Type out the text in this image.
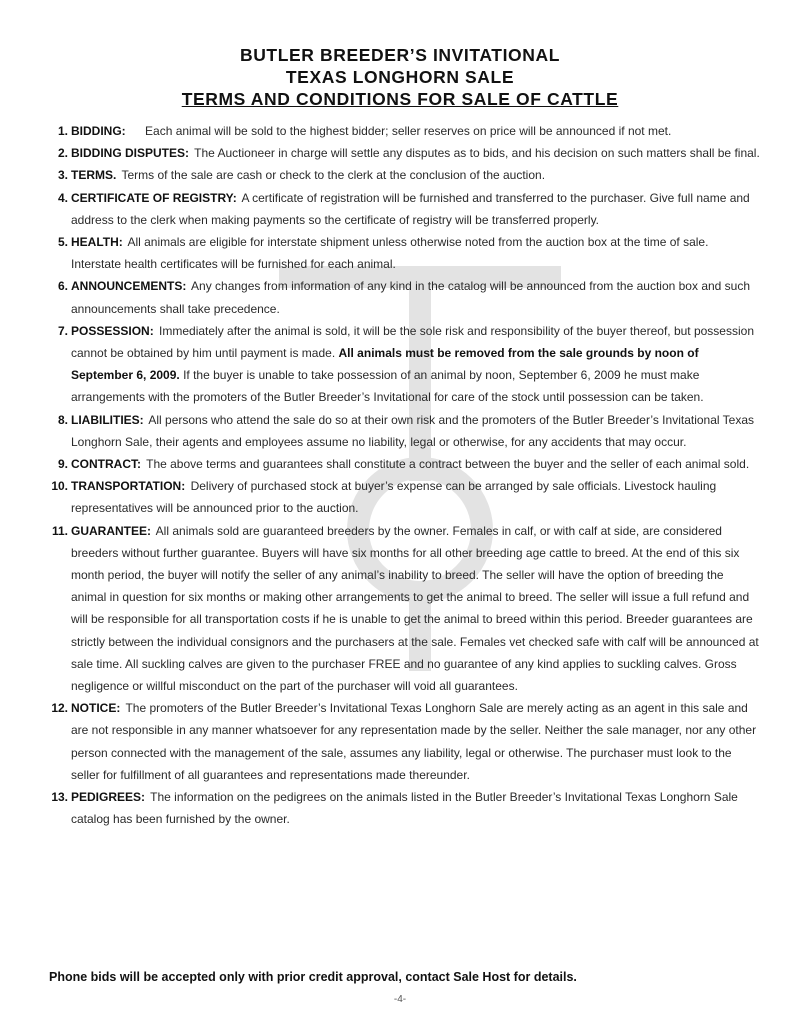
BUTLER BREEDER’S INVITATIONAL
TEXAS LONGHORN SALE
TERMS AND CONDITIONS FOR SALE OF CATTLE
1. BIDDING: Each animal will be sold to the highest bidder; seller reserves on price will be announced if not met.
2. BIDDING DISPUTES: The Auctioneer in charge will settle any disputes as to bids, and his decision on such matters shall be final.
3. TERMS. Terms of the sale are cash or check to the clerk at the conclusion of the auction.
4. CERTIFICATE OF REGISTRY: A certificate of registration will be furnished and transferred to the purchaser. Give full name and address to the clerk when making payments so the certificate of registry will be transferred properly.
5. HEALTH: All animals are eligible for interstate shipment unless otherwise noted from the auction box at the time of sale. Interstate health certificates will be furnished for each animal.
6. ANNOUNCEMENTS: Any changes from information of any kind in the catalog will be announced from the auction box and such announcements shall take precedence.
7. POSSESSION: Immediately after the animal is sold, it will be the sole risk and responsibility of the buyer thereof, but possession cannot be obtained by him until payment is made. All animals must be removed from the sale grounds by noon of September 6, 2009. If the buyer is unable to take possession of an animal by noon, September 6, 2009 he must make arrangements with the promoters of the Butler Breeder’s Invitational for care of the stock until possession can be taken.
8. LIABILITIES: All persons who attend the sale do so at their own risk and the promoters of the Butler Breeder’s Invitational Texas Longhorn Sale, their agents and employees assume no liability, legal or otherwise, for any accidents that may occur.
9. CONTRACT: The above terms and guarantees shall constitute a contract between the buyer and the seller of each animal sold.
10. TRANSPORTATION: Delivery of purchased stock at buyer’s expense can be arranged by sale officials. Livestock hauling representatives will be announced prior to the auction.
11. GUARANTEE: All animals sold are guaranteed breeders by the owner. Females in calf, or with calf at side, are considered breeders without further guarantee. Buyers will have six months for all other breeding age cattle to breed. At the end of this six month period, the buyer will notify the seller of any animal’s inability to breed. The seller will have the option of breeding the animal in question for six months or making other arrangements to get the animal to breed. The seller will issue a full refund and will be responsible for all transportation costs if he is unable to get the animal to breed within this period. Breeder guarantees are strictly between the individual consignors and the purchasers at the sale. Females vet checked safe with calf will be announced at sale time. All suckling calves are given to the purchaser FREE and no guarantee of any kind applies to suckling calves. Gross negligence or willful misconduct on the part of the purchaser will void all guarantees.
12. NOTICE: The promoters of the Butler Breeder’s Invitational Texas Longhorn Sale are merely acting as an agent in this sale and are not responsible in any manner whatsoever for any representation made by the seller. Neither the sale manager, nor any other person connected with the management of the sale, assumes any liability, legal or otherwise. The purchaser must look to the seller for fulfillment of all guarantees and representations made thereunder.
13. PEDIGREES: The information on the pedigrees on the animals listed in the Butler Breeder’s Invitational Texas Longhorn Sale catalog has been furnished by the owner.
Phone bids will be accepted only with prior credit approval, contact Sale Host for details.
-4-
